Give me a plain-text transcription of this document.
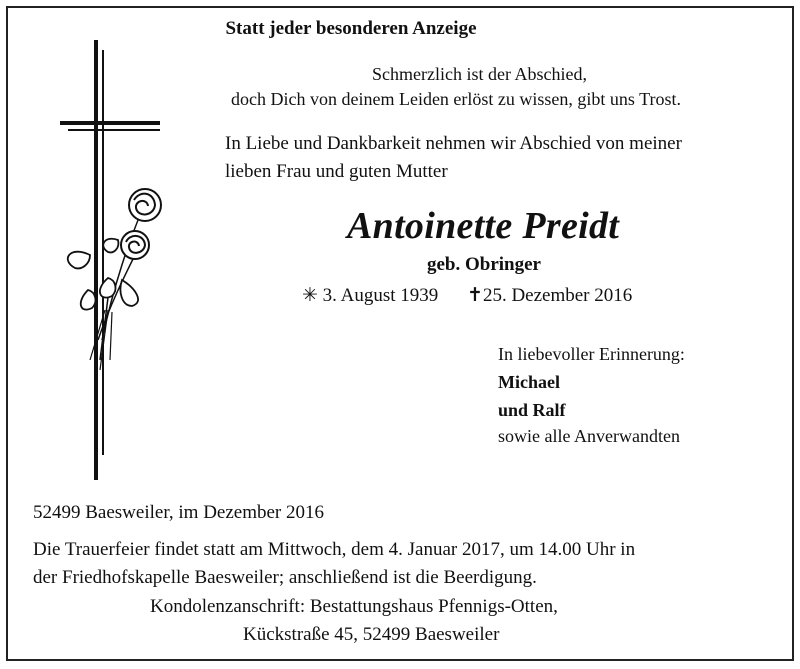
Statt jeder besonderen Anzeige
Schmerzlich ist der Abschied,
doch Dich von deinem Leiden erlöst zu wissen, gibt uns Trost.
In Liebe und Dankbarkeit nehmen wir Abschied von meiner
lieben Frau und guten Mutter
Antoinette Preidt
geb. Obringer
✳ 3. August 1939 ✝25. Dezember 2016
In liebevoller Erinnerung:
Michael
und Ralf
sowie alle Anverwandten
52499 Baesweiler, im Dezember 2016
Die Trauerfeier findet statt am Mittwoch, dem 4. Januar 2017, um 14.00 Uhr in
der Friedhofskapelle Baesweiler; anschließend ist die Beerdigung.
Kondolenzanschrift: Bestattungshaus Pfennigs-Otten,
Kückstraße 45, 52499 Baesweiler
